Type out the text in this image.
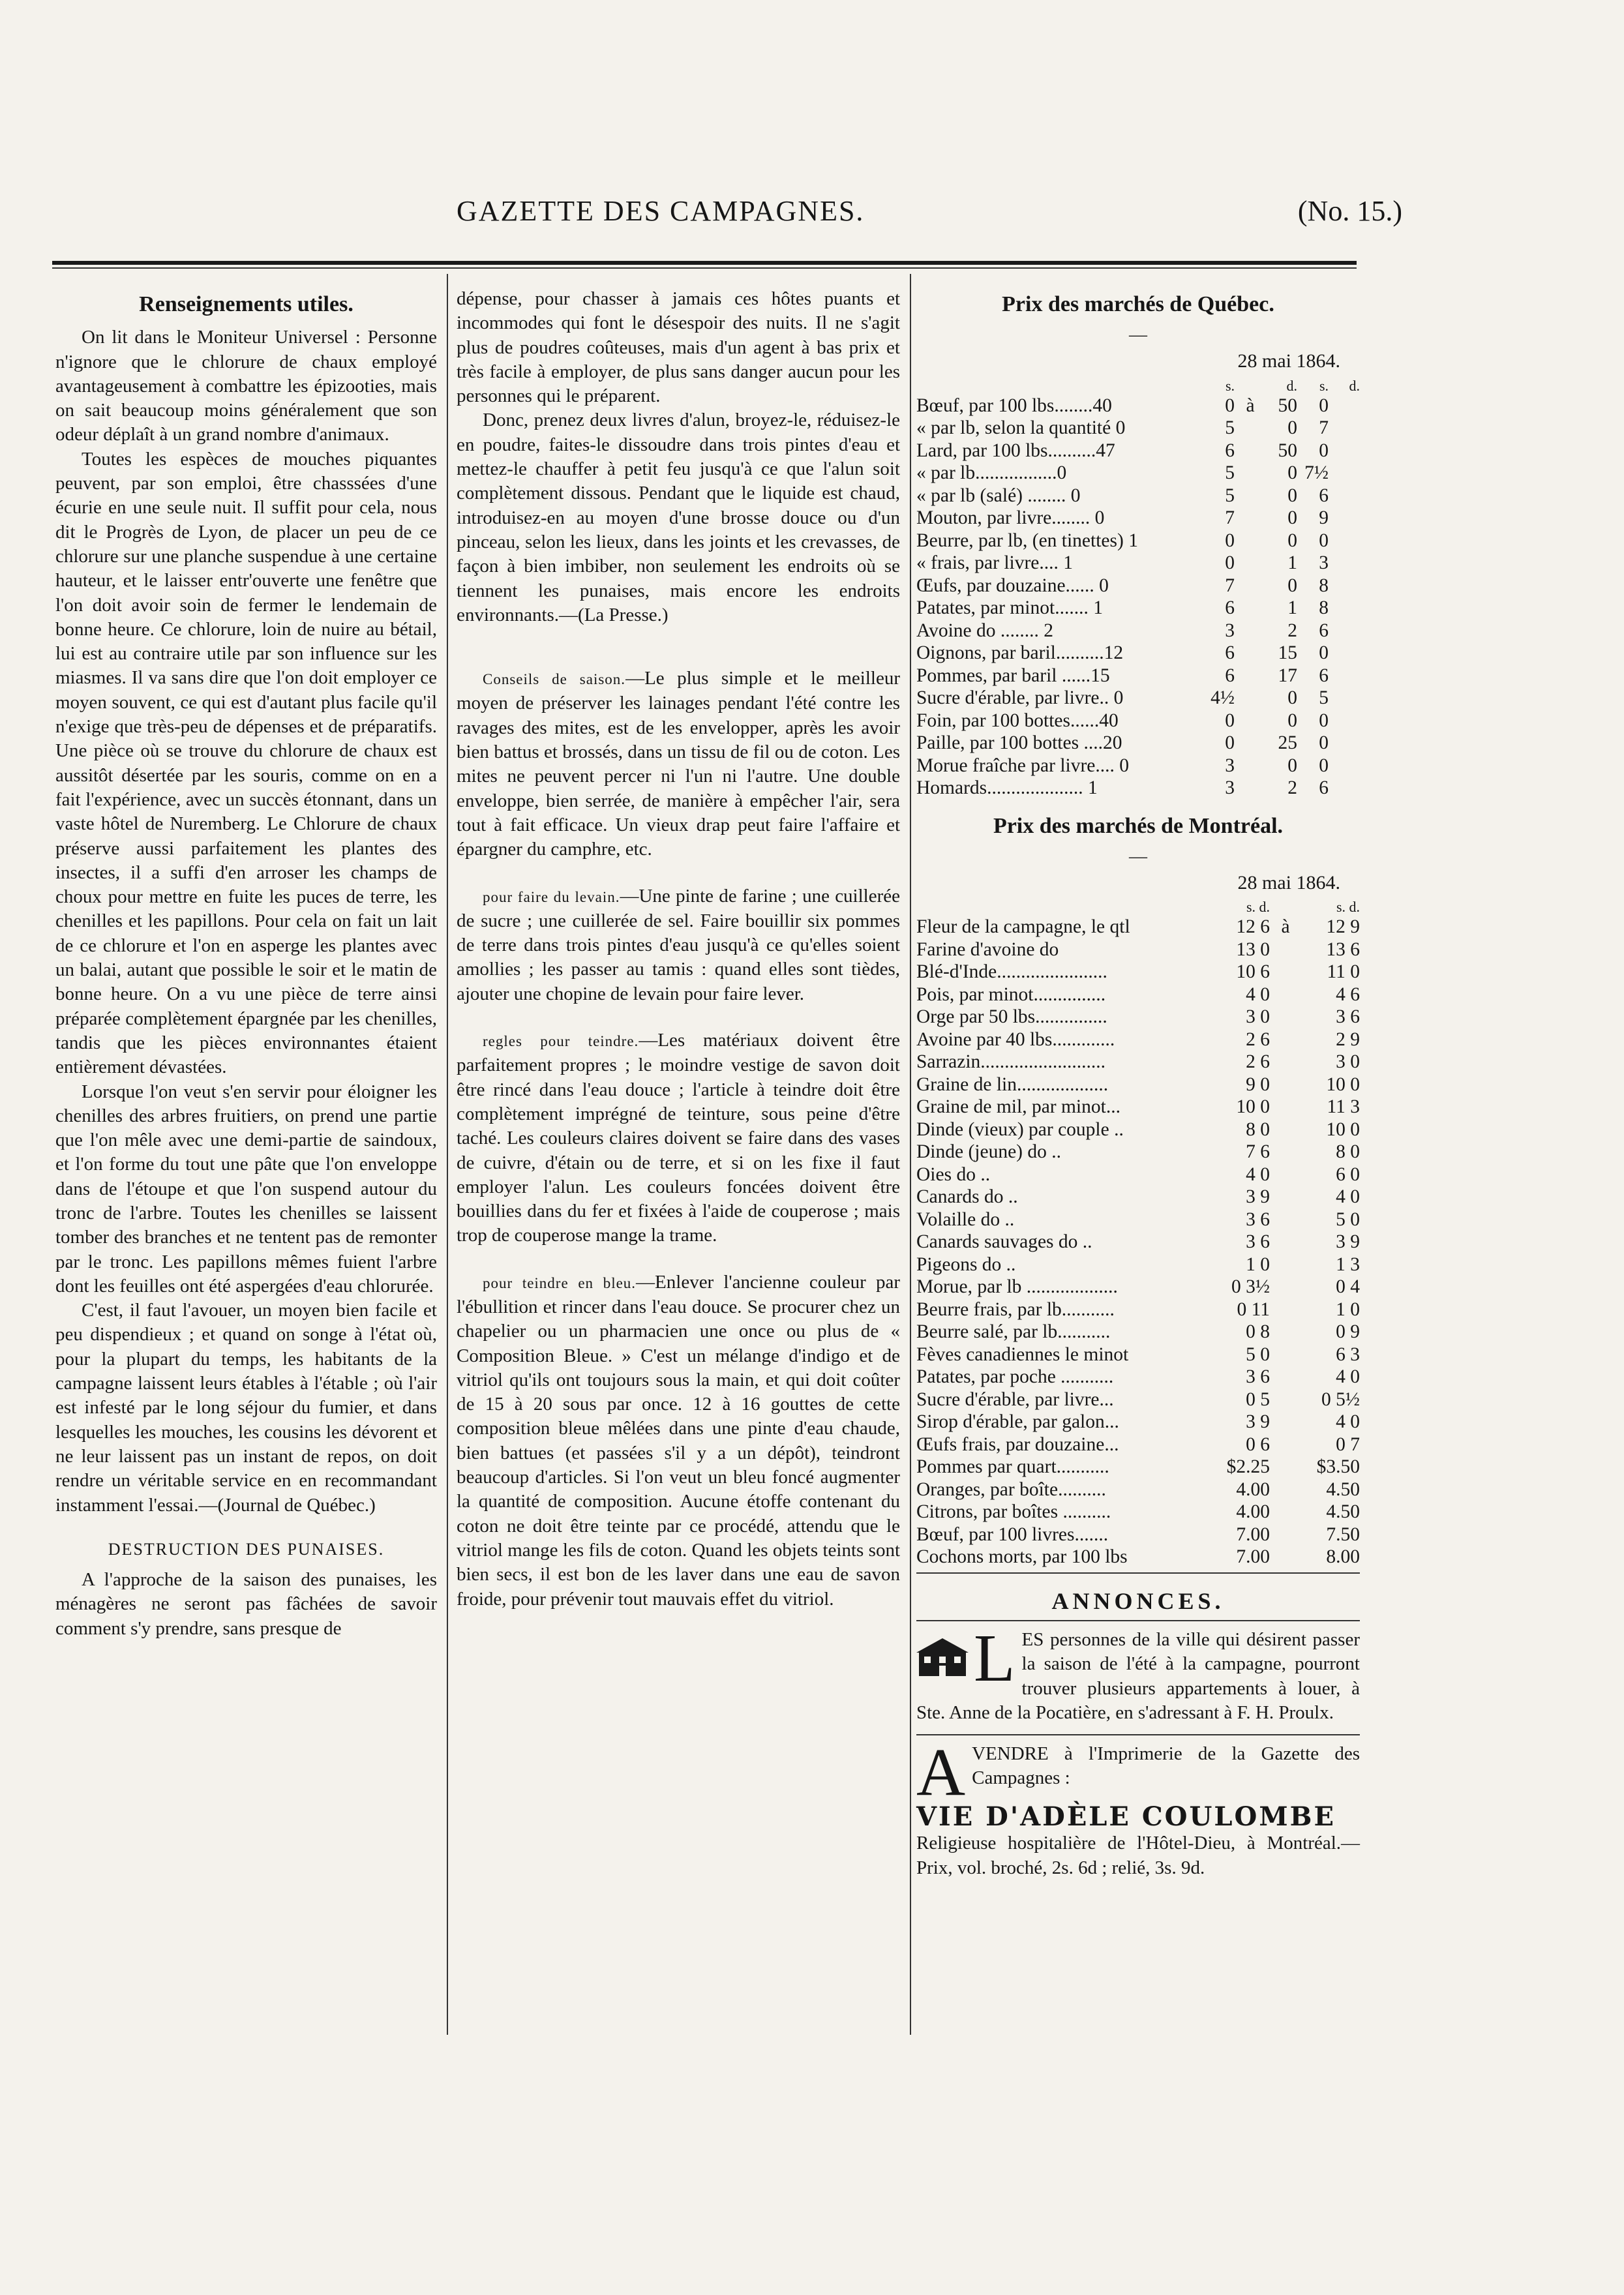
GAZETTE DES CAMPAGNES.	(No. 15.)
Renseignements utiles.

On lit dans le Moniteur Universel : Personne n'ignore que le chlorure de chaux employé avantageusement à combattre les épizooties, mais on sait beaucoup moins généralement que son odeur déplaît à un grand nombre d'animaux.

Toutes les espèces de mouches piquantes peuvent, par son emploi, être chasssées d'une écurie en une seule nuit. Il suffit pour cela, nous dit le Progrès de Lyon, de placer un peu de ce chlorure sur une planche suspendue à une certaine hauteur, et le laisser entr'ouverte une fenêtre que l'on doit avoir soin de fermer le lendemain de bonne heure. Ce chlorure, loin de nuire au bétail, lui est au contraire utile par son influence sur les miasmes. Il va sans dire que l'on doit employer ce moyen souvent, ce qui est d'autant plus facile qu'il n'exige que très-peu de dépenses et de préparatifs. Une pièce où se trouve du chlorure de chaux est aussitôt désertée par les souris, comme on en a fait l'expérience, avec un succès étonnant, dans un vaste hôtel de Nuremberg. Le Chlorure de chaux préserve aussi parfaitement les plantes des insectes, il a suffi d'en arroser les champs de choux pour mettre en fuite les puces de terre, les chenilles et les papillons. Pour cela on fait un lait de ce chlorure et l'on en asperge les plantes avec un balai, autant que possible le soir et le matin de bonne heure. On a vu une pièce de terre ainsi préparée complètement épargnée par les chenilles, tandis que les pièces environnantes étaient entièrement dévastées.

Lorsque l'on veut s'en servir pour éloigner les chenilles des arbres fruitiers, on prend une partie que l'on mêle avec une demi-partie de saindoux, et l'on forme du tout une pâte que l'on enveloppe dans de l'étoupe et que l'on suspend autour du tronc de l'arbre. Toutes les chenilles se laissent tomber des branches et ne tentent pas de remonter par le tronc. Les papillons mêmes fuient l'arbre dont les feuilles ont été aspergées d'eau chlorurée.

C'est, il faut l'avouer, un moyen bien facile et peu dispendieux ; et quand on songe à l'état où, pour la plupart du temps, les habitants de la campagne laissent leurs étables à l'étable ; où l'air est infesté par le long séjour du fumier, et dans lesquelles les mouches, les cousins les dévorent et ne leur laissent pas un instant de repos, on doit rendre un véritable service en en recommandant instamment l'essai.—(Journal de Québec.)

DESTRUCTION DES PUNAISES.

A l'approche de la saison des punaises, les ménagères ne seront pas fâchées de savoir comment s'y prendre, sans presque de

dépense, pour chasser à jamais ces hôtes puants et incommodes qui font le désespoir des nuits. Il ne s'agit plus de poudres coûteuses, mais d'un agent à bas prix et très facile à employer, de plus sans danger aucun pour les personnes qui le préparent.

Donc, prenez deux livres d'alun, broyez-le, réduisez-le en poudre, faites-le dissoudre dans trois pintes d'eau et mettez-le chauffer à petit feu jusqu'à ce que l'alun soit complètement dissous. Pendant que le liquide est chaud, introduisez-en au moyen d'une brosse douce ou d'un pinceau, selon les lieux, dans les joints et les crevasses, de façon à bien imbiber, non seulement les endroits où se tiennent les punaises, mais encore les endroits environnants.—(La Presse.)

Conseils de saison.—Le plus simple et le meilleur moyen de préserver les lainages pendant l'été contre les ravages des mites, est de les envelopper, après les avoir bien battus et brossés, dans un tissu de fil ou de coton. Les mites ne peuvent percer ni l'un ni l'autre. Une double enveloppe, bien serrée, de manière à empêcher l'air, sera tout à fait efficace. Un vieux drap peut faire l'affaire et épargner du camphre, etc.

pour faire du levain.—Une pinte de farine ; une cuillerée de sucre ; une cuillerée de sel. Faire bouillir six pommes de terre dans trois pintes d'eau jusqu'à ce qu'elles soient amollies ; les passer au tamis : quand elles sont tièdes, ajouter une chopine de levain pour faire lever.

regles pour teindre.—Les matériaux doivent être parfaitement propres ; le moindre vestige de savon doit être rincé dans l'eau douce ; l'article à teindre doit être complètement imprégné de teinture, sous peine d'être taché. Les couleurs claires doivent se faire dans des vases de cuivre, d'étain ou de terre, et si on les fixe il faut employer l'alun. Les couleurs foncées doivent être bouillies dans du fer et fixées à l'aide de couperose ; mais trop de couperose mange la trame.

pour teindre en bleu.—Enlever l'ancienne couleur par l'ébullition et rincer dans l'eau douce. Se procurer chez un chapelier ou un pharmacien une once ou plus de « Composition Bleue. » C'est un mélange d'indigo et de vitriol qu'ils ont toujours sous la main, et qui doit coûter de 15 à 20 sous par once. 12 à 16 gouttes de cette composition bleue mêlées dans une pinte d'eau chaude, bien battues (et passées s'il y a un dépôt), teindront beaucoup d'articles. Si l'on veut un bleu foncé augmenter la quantité de composition. Aucune étoffe contenant du coton ne doit être teinte par ce procédé, attendu que le vitriol mange les fils de coton. Quand les objets teints sont bien secs, il est bon de les laver dans une eau de savon froide, pour prévenir tout mauvais effet du vitriol.

Prix des marchés de Québec.
—
28 mai 1864.
	s.		d.	s.	d.
Bœuf, par 100 lbs........40	0	à	50	0	
« par lb, selon la quantité 0	5		0	7	
Lard, par 100 lbs..........47	6		50	0	
« par lb.................0	5		0	7½	
« par lb (salé) ........ 0	5		0	6	
Mouton, par livre........ 0	7		0	9	
Beurre, par lb, (en tinettes) 1	0		0	0	
« frais, par livre.... 1	0		1	3	
Œufs, par douzaine...... 0	7		0	8	
Patates, par minot....... 1	6		1	8	
Avoine do ........ 2	3		2	6	
Oignons, par baril..........12	6		15	0	
Pommes, par baril ......15	6		17	6	
Sucre d'érable, par livre.. 0	4½		0	5	
Foin, par 100 bottes......40	0		0	0	
Paille, par 100 bottes ....20	0		25	0	
Morue fraîche par livre.... 0	3		0	0	
Homards.................... 1	3		2	6	
Prix des marchés de Montréal.
—
28 mai 1864.
	s. d.		s. d.
Fleur de la campagne, le qtl	12 6	à	12 9
Farine d'avoine do	13 0		13 6
Blé-d'Inde.......................	10 6		11 0
Pois, par minot...............	4 0		4 6
Orge par 50 lbs...............	3 0		3 6
Avoine par 40 lbs.............	2 6		2 9
Sarrazin..........................	2 6		3 0
Graine de lin...................	9 0		10 0
Graine de mil, par minot...	10 0		11 3
Dinde (vieux) par couple ..	8 0		10 0
Dinde (jeune) do ..	7 6		8 0
Oies do ..	4 0		6 0
Canards do ..	3 9		4 0
Volaille do ..	3 6		5 0
Canards sauvages do ..	3 6		3 9
Pigeons do ..	1 0		1 3
Morue, par lb ...................	0 3½		0 4
Beurre frais, par lb...........	0 11		1 0
Beurre salé, par lb...........	0 8		0 9
Fèves canadiennes le minot	5 0		6 3
Patates, par poche ...........	3 6		4 0
Sucre d'érable, par livre...	0 5		0 5½
Sirop d'érable, par galon...	3 9		4 0
Œufs frais, par douzaine...	0 6		0 7
Pommes par quart...........	$2.25		$3.50
Oranges, par boîte..........	4.00		4.50
Citrons, par boîtes ..........	4.00		4.50
Bœuf, par 100 livres.......	7.00		7.50
Cochons morts, par 100 lbs	7.00		8.00
ANNONCES.
L ES personnes de la ville qui désirent passer la saison de l'été à la campagne, pourront trouver plusieurs appartements à louer, à Ste. Anne de la Pocatière, en s'adressant à F. H. Proulx.
A VENDRE à l'Imprimerie de la Gazette des Campagnes :
VIE D'ADÈLE COULOMBE

Religieuse hospitalière de l'Hôtel-Dieu, à Montréal.—Prix, vol. broché, 2s. 6d ; relié, 3s. 9d.
